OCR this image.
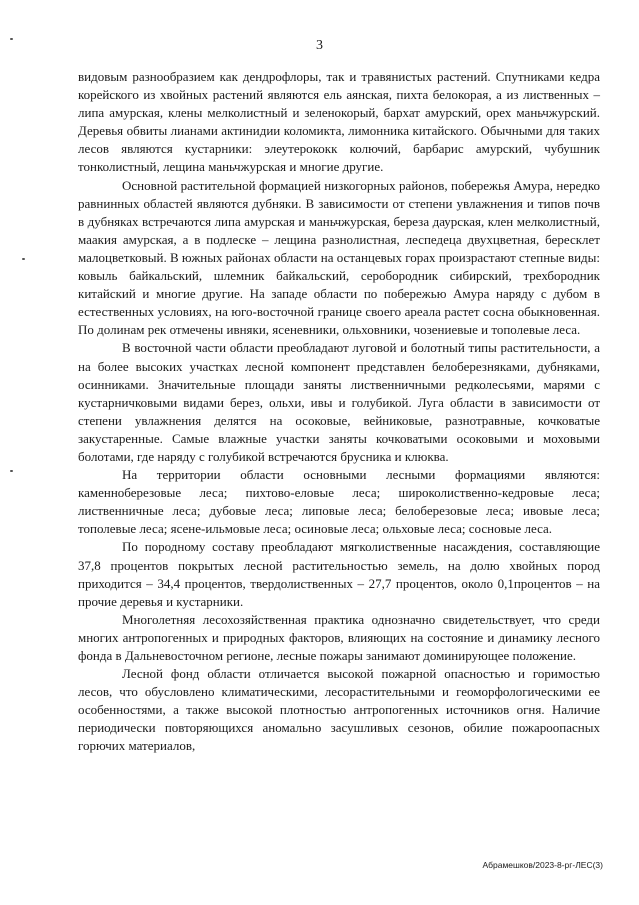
3

видовым разнообразием как дендрофлоры, так и травянистых растений. Спутниками кедра корейского из хвойных растений являются ель аянская, пихта белокорая, а из лиственных – липа амурская, клены мелколистный и зеленокорый, бархат амурский, орех маньчжурский. Деревья обвиты лианами актинидии коломикта, лимонника китайского. Обычными для таких лесов являются кустарники: элеутерококк колючий, барбарис амурский, чубушник тонколистный, лещина маньчжурская и многие другие.

Основной растительной формацией низкогорных районов, побережья Амура, нередко равнинных областей являются дубняки. В зависимости от степени увлажнения и типов почв в дубняках встречаются липа амурская и маньчжурская, береза даурская, клен мелколистный, маакия амурская, а в подлеске – лещина разнолистная, леспедеца двухцветная, бересклет малоцветковый. В южных районах области на останцевых горах произрастают степные виды: ковыль байкальский, шлемник байкальский, серобородник сибирский, трехбородник китайский и многие другие. На западе области по побережью Амура наряду с дубом в естественных условиях, на юго-восточной границе своего ареала растет сосна обыкновенная. По долинам рек отмечены ивняки, ясеневники, ольховники, чозениевые и тополевые леса.

В восточной части области преобладают луговой и болотный типы растительности, а на более высоких участках лесной компонент представлен белоберезняками, дубняками, осинниками. Значительные площади заняты лиственничными редколесьями, марями с кустарничковыми видами берез, ольхи, ивы и голубикой. Луга области в зависимости от степени увлажнения делятся на осоковые, вейниковые, разнотравные, кочковатые закустаренные. Самые влажные участки заняты кочковатыми осоковыми и моховыми болотами, где наряду с голубикой встречаются брусника и клюква.

На территории области основными лесными формациями являются: каменноберезовые леса; пихтово-еловые леса; широколиственно-кедровые леса; лиственничные леса; дубовые леса; липовые леса; белоберезовые леса; ивовые леса; тополевые леса; ясене-ильмовые леса; осиновые леса; ольховые леса; сосновые леса.

По породному составу преобладают мягколиственные насаждения, составляющие 37,8 процентов покрытых лесной растительностью земель, на долю хвойных пород приходится – 34,4 процентов, твердолиственных – 27,7 процентов, около 0,1процентов – на прочие деревья и кустарники.

Многолетняя лесохозяйственная практика однозначно свидетельствует, что среди многих антропогенных и природных факторов, влияющих на состояние и динамику лесного фонда в Дальневосточном регионе, лесные пожары занимают доминирующее положение.

Лесной фонд области отличается высокой пожарной опасностью и горимостью лесов, что обусловлено климатическими, лесорастительными и геоморфологическими ее особенностями, а также высокой плотностью антропогенных источников огня. Наличие периодически повторяющихся аномально засушливых сезонов, обилие пожароопасных горючих материалов,

Абрамешков/2023-8-рг-ЛЕС(3)
